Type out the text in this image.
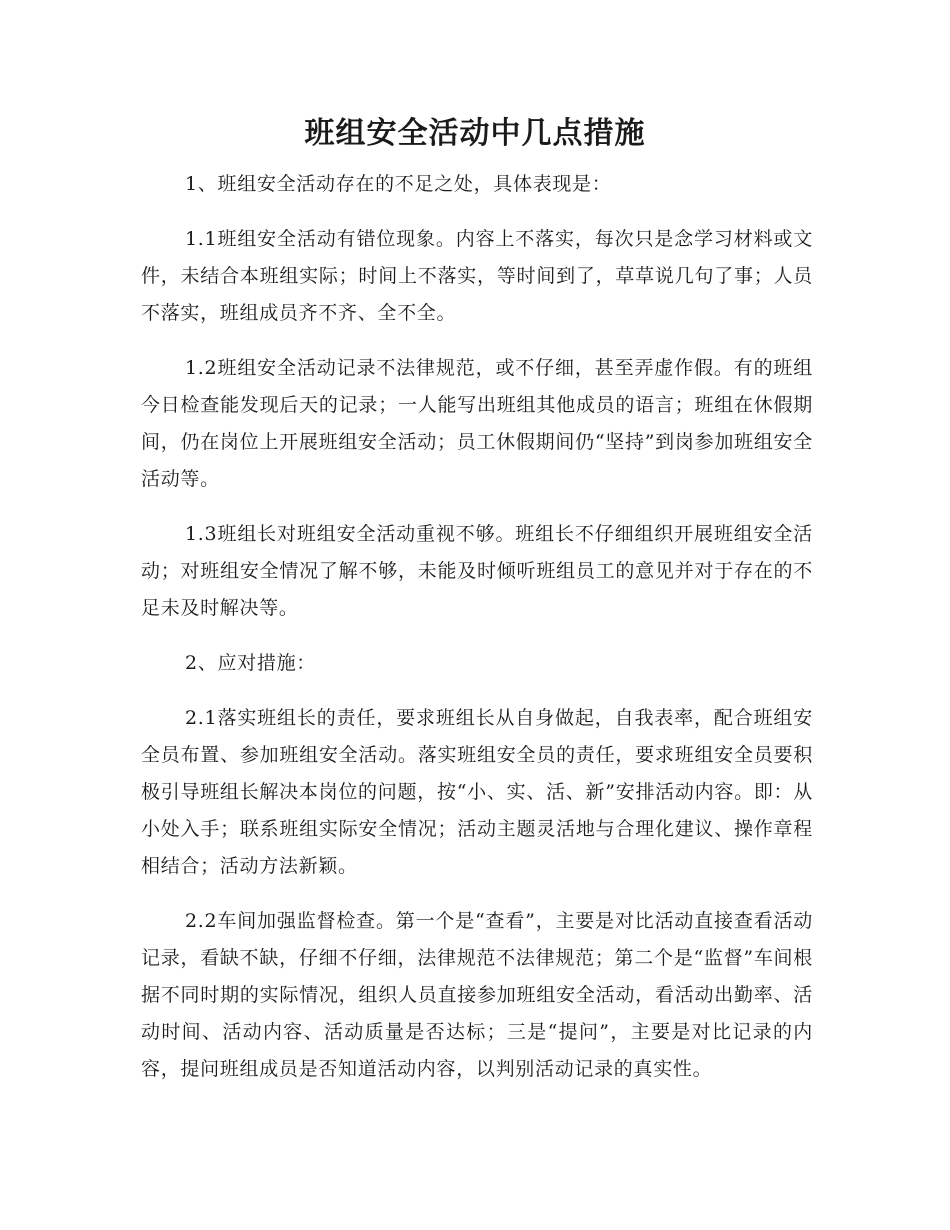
班组安全活动中几点措施

1、班组安全活动存在的不足之处，具体表现是：

1.1班组安全活动有错位现象。内容上不落实，每次只是念学习材料或文件，未结合本班组实际；时间上不落实，等时间到了，草草说几句了事；人员不落实，班组成员齐不齐、全不全。

1.2班组安全活动记录不法律规范，或不仔细，甚至弄虚作假。有的班组今日检查能发现后天的记录；一人能写出班组其他成员的语言；班组在休假期间，仍在岗位上开展班组安全活动；员工休假期间仍“坚持”到岗参加班组安全活动等。

1.3班组长对班组安全活动重视不够。班组长不仔细组织开展班组安全活动；对班组安全情况了解不够，未能及时倾听班组员工的意见并对于存在的不足未及时解决等。

2、应对措施：

2.1落实班组长的责任，要求班组长从自身做起，自我表率，配合班组安全员布置、参加班组安全活动。落实班组安全员的责任，要求班组安全员要积极引导班组长解决本岗位的问题，按“小、实、活、新”安排活动内容。即：从小处入手；联系班组实际安全情况；活动主题灵活地与合理化建议、操作章程相结合；活动方法新颖。

2.2车间加强监督检查。第一个是“查看”，主要是对比活动直接查看活动记录，看缺不缺，仔细不仔细，法律规范不法律规范；第二个是“监督”车间根据不同时期的实际情况，组织人员直接参加班组安全活动，看活动出勤率、活动时间、活动内容、活动质量是否达标；三是“提问”，主要是对比记录的内容，提问班组成员是否知道活动内容，以判别活动记录的真实性。
